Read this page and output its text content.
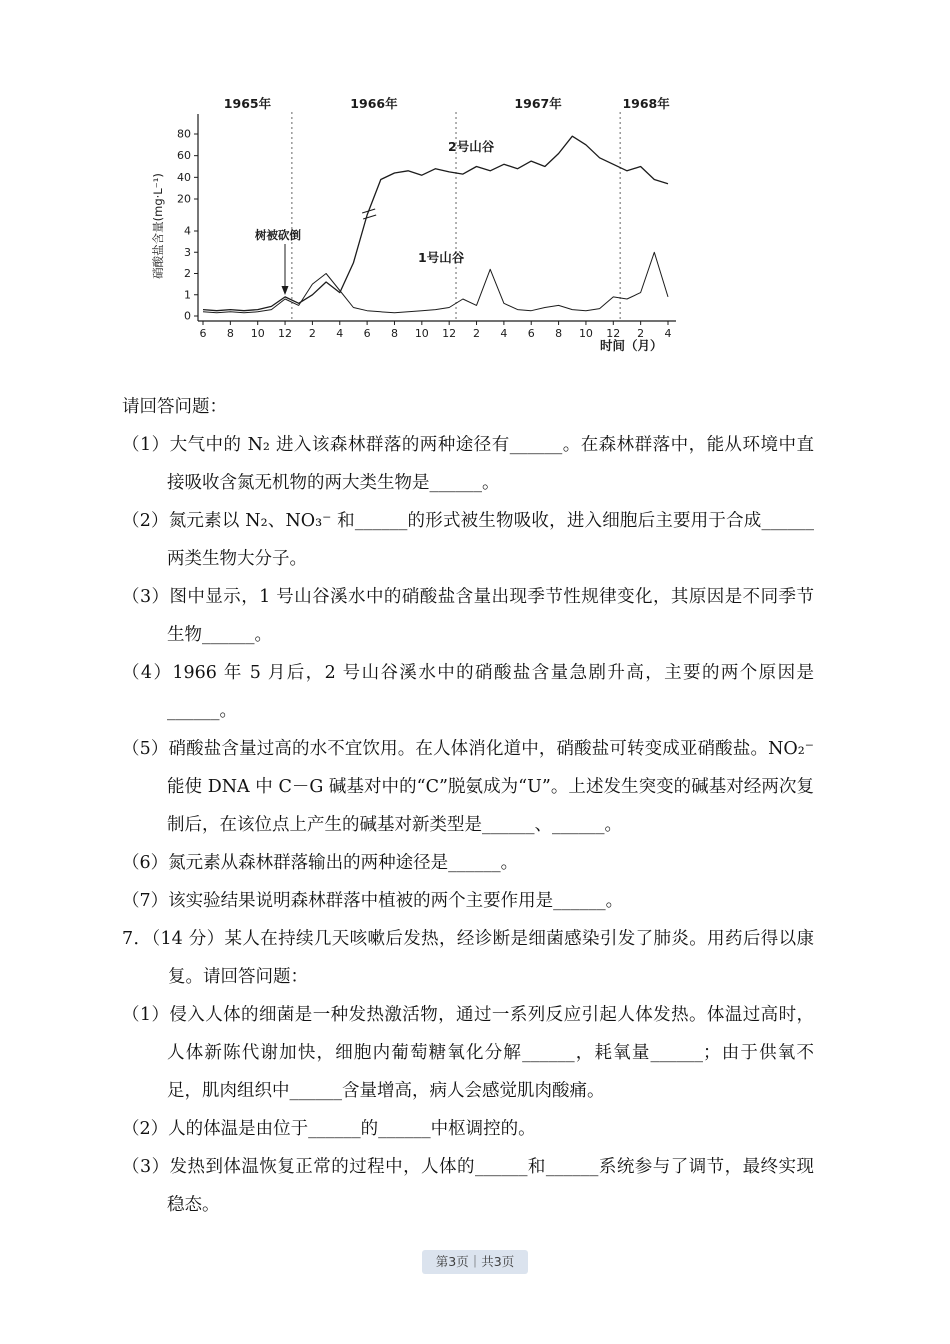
0
1
2
3
4
20
40
60
80
6 8 10 12 2 4 6 8 10 12 2 4 6 8 10 12 2 4
1965年	1966年	1967年	1968年
2号山谷
1号山谷
树被砍倒
硝酸盐含量(mg·L⁻¹)
时间（月）

请回答问题：

（1）大气中的 N₂ 进入该森林群落的两种途径有______。在森林群落中，能从环境中直接吸收含氮无机物的两大类生物是______。

（2）氮元素以 N₂、NO₃⁻ 和______的形式被生物吸收，进入细胞后主要用于合成______两类生物大分子。

（3）图中显示，1 号山谷溪水中的硝酸盐含量出现季节性规律变化，其原因是不同季节生物______。

（4）1966 年 5 月后，2 号山谷溪水中的硝酸盐含量急剧升高，主要的两个原因是______。

（5）硝酸盐含量过高的水不宜饮用。在人体消化道中，硝酸盐可转变成亚硝酸盐。NO₂⁻能使 DNA 中 C－G 碱基对中的“C”脱氨成为“U”。上述发生突变的碱基对经两次复制后，在该位点上产生的碱基对新类型是______、______。

（6）氮元素从森林群落输出的两种途径是______。

（7）该实验结果说明森林群落中植被的两个主要作用是______。

7．（14 分）某人在持续几天咳嗽后发热，经诊断是细菌感染引发了肺炎。用药后得以康复。请回答问题：

（1）侵入人体的细菌是一种发热激活物，通过一系列反应引起人体发热。体温过高时，人体新陈代谢加快，细胞内葡萄糖氧化分解______，耗氧量______；由于供氧不足，肌肉组织中______含量增高，病人会感觉肌肉酸痛。

（2）人的体温是由位于______的______中枢调控的。

（3）发热到体温恢复正常的过程中，人体的______和______系统参与了调节，最终实现稳态。

第3页｜共3页
